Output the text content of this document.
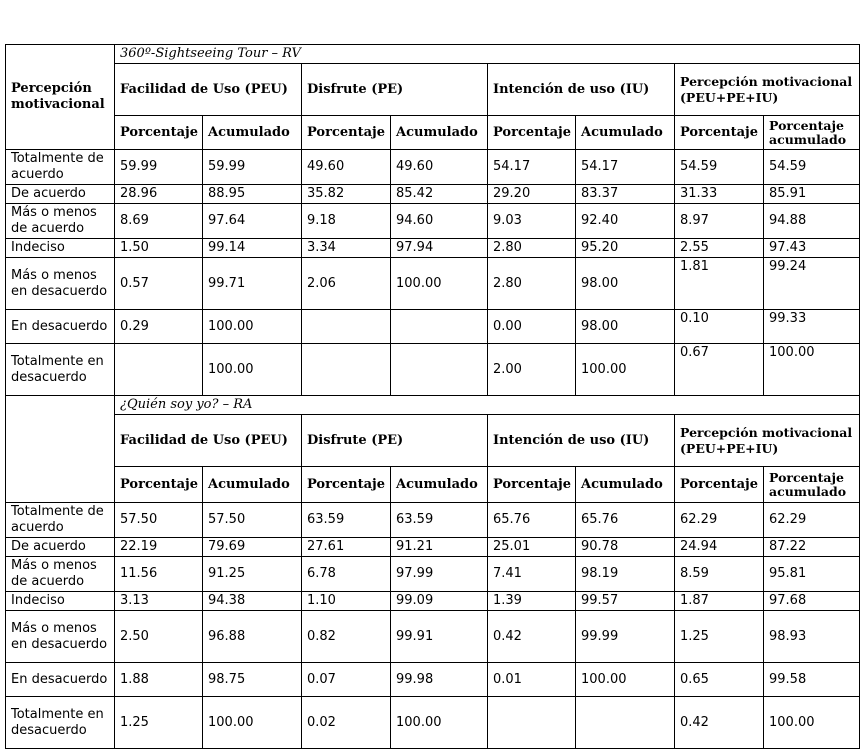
Percepción motivacional	360º-Sightseeing Tour – RV							
	Facilidad de Uso (PEU)		Disfrute (PE)		Intención de uso (IU)		Percepción motivacional (PEU+PE+IU)	
	Porcentaje	Acumulado	Porcentaje	Acumulado	Porcentaje	Acumulado	Porcentaje	Porcentaje acumulado
Totalmente de acuerdo	59.99	59.99	49.60	49.60	54.17	54.17	54.59	54.59
De acuerdo	28.96	88.95	35.82	85.42	29.20	83.37	31.33	85.91
Más o menos de acuerdo	8.69	97.64	9.18	94.60	9.03	92.40	8.97	94.88
Indeciso	1.50	99.14	3.34	97.94	2.80	95.20	2.55	97.43
Más o menos en desacuerdo	0.57	99.71	2.06	100.00	2.80	98.00	1.81	99.24
En desacuerdo	0.29	100.00			0.00	98.00	0.10	99.33
Totalmente en desacuerdo		100.00			2.00	100.00	0.67	100.00
	¿Quién soy yo? – RA							
	Facilidad de Uso (PEU)		Disfrute (PE)		Intención de uso (IU)		Percepción motivacional (PEU+PE+IU)	
	Porcentaje	Acumulado	Porcentaje	Acumulado	Porcentaje	Acumulado	Porcentaje	Porcentaje acumulado
Totalmente de acuerdo	57.50	57.50	63.59	63.59	65.76	65.76	62.29	62.29
De acuerdo	22.19	79.69	27.61	91.21	25.01	90.78	24.94	87.22
Más o menos de acuerdo	11.56	91.25	6.78	97.99	7.41	98.19	8.59	95.81
Indeciso	3.13	94.38	1.10	99.09	1.39	99.57	1.87	97.68
Más o menos en desacuerdo	2.50	96.88	0.82	99.91	0.42	99.99	1.25	98.93
En desacuerdo	1.88	98.75	0.07	99.98	0.01	100.00	0.65	99.58
Totalmente en desacuerdo	1.25	100.00	0.02	100.00			0.42	100.00
